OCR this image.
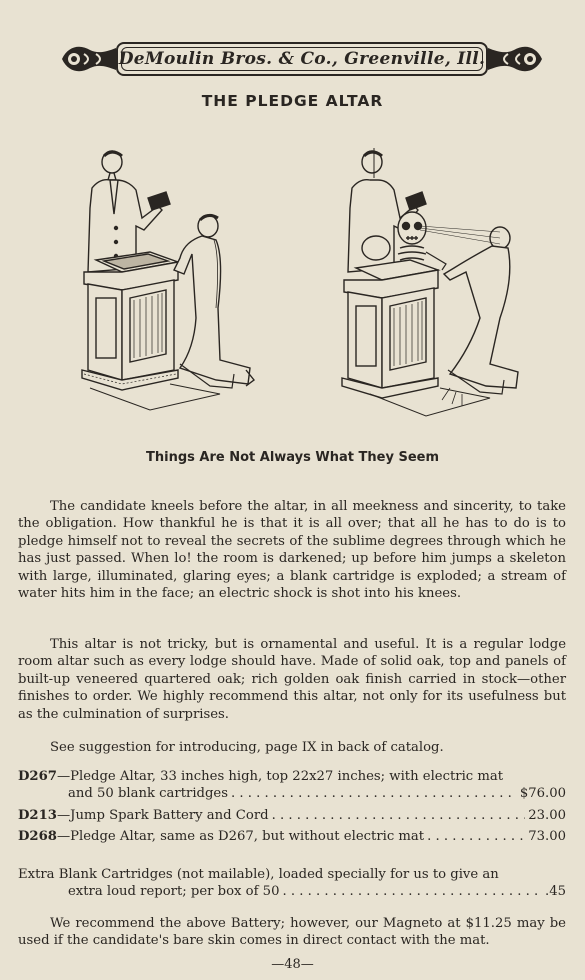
DeMoulin Bros. & Co., Greenville, Ill.
THE PLEDGE ALTAR
Things Are Not Always What They Seem

The candidate kneels before the altar, in all meekness and sincerity, to take the obligation. How thankful he is that it is all over; that all he has to do is to pledge himself not to reveal the secrets of the sublime degrees through which he has just passed. When lo! the room is darkened; up before him jumps a skeleton with large, illuminated, glaring eyes; a blank cartridge is exploded; a stream of water hits him in the face; an electric shock is shot into his knees.

This altar is not tricky, but is ornamental and useful. It is a regular lodge room altar such as every lodge should have. Made of solid oak, top and panels of built-up veneered quartered oak; rich golden oak finish carried in stock—other finishes to order. We highly recommend this altar, not only for its usefulness but as the culmination of surprises.

See suggestion for introducing, page IX in back of catalog.

D267—Pledge Altar, 33 inches high, top 22x27 inches; with electric mat
and 50 blank cartridges . . .	$76.00
D213—Jump Spark Battery and Cord . . .	23.00
D268—Pledge Altar, same as D267, but without electric mat . . .	73.00
Extra Blank Cartridges (not mailable), loaded specially for us to give an
extra loud report; per box of 50 . . .	.45

We recommend the above Battery; however, our Magneto at $11.25 may be used if the candidate's bare skin comes in direct contact with the mat.

—48—
